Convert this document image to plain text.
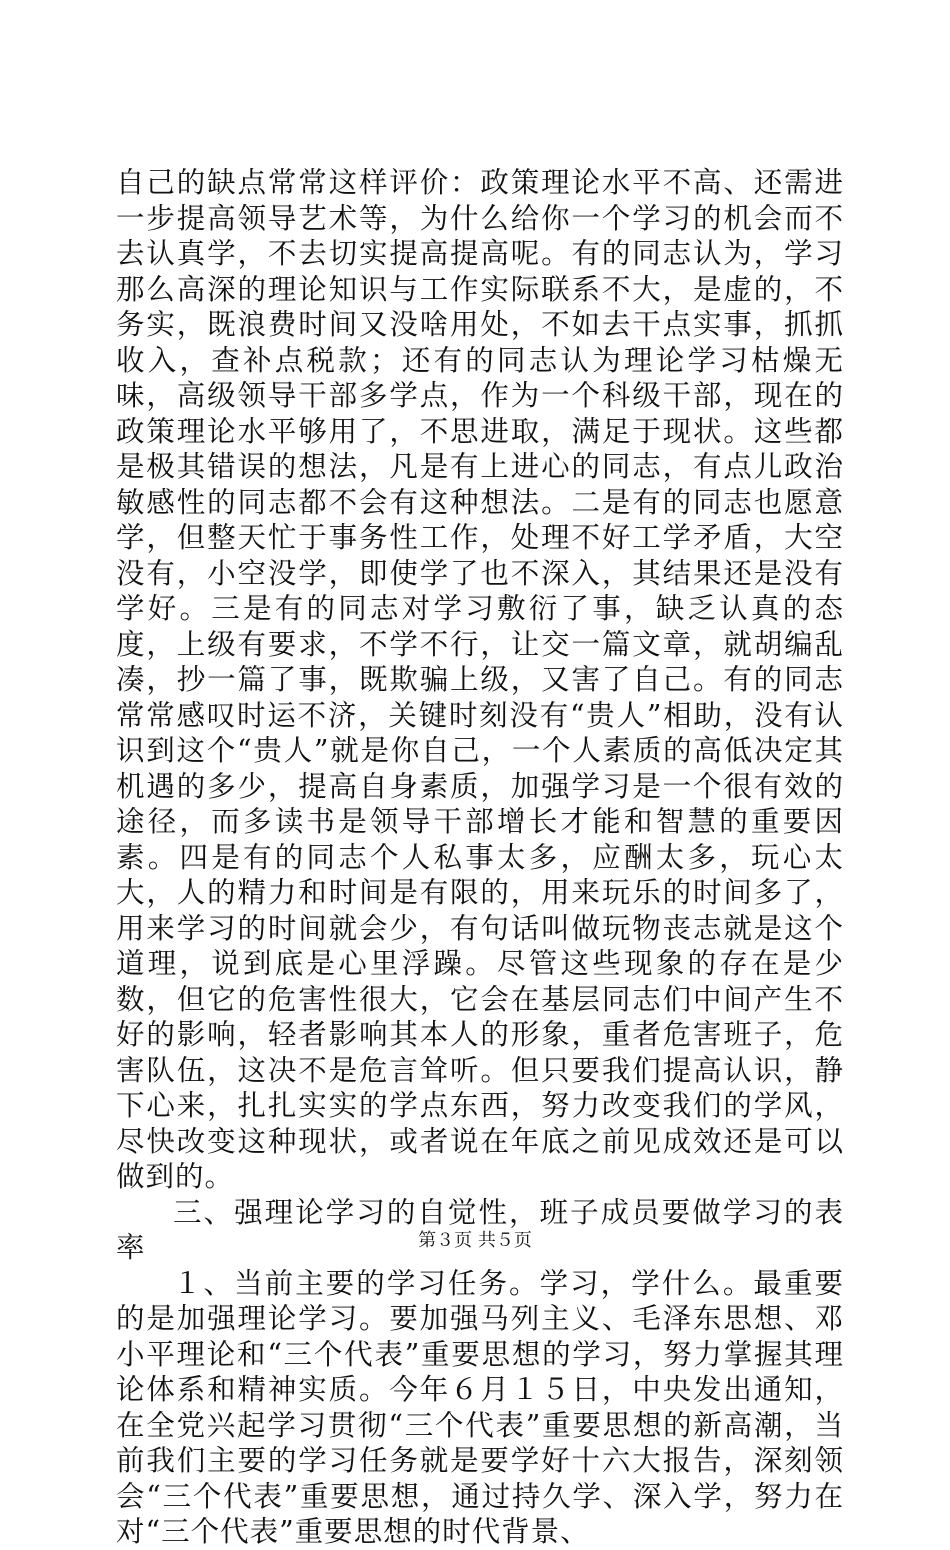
自己的缺点常常这样评价：政策理论水平不高、还需进一步提高领导艺术等，为什么给你一个学习的机会而不去认真学，不去切实提高提高呢。有的同志认为，学习那么高深的理论知识与工作实际联系不大，是虚的，不务实，既浪费时间又没啥用处，不如去干点实事，抓抓收入，查补点税款；还有的同志认为理论学习枯燥无味，高级领导干部多学点，作为一个科级干部，现在的政策理论水平够用了，不思进取，满足于现状。这些都是极其错误的想法，凡是有上进心的同志，有点儿政治敏感性的同志都不会有这种想法。二是有的同志也愿意学，但整天忙于事务性工作，处理不好工学矛盾，大空没有，小空没学，即使学了也不深入，其结果还是没有学好。三是有的同志对学习敷衍了事，缺乏认真的态度，上级有要求，不学不行，让交一篇文章，就胡编乱凑，抄一篇了事，既欺骗上级，又害了自己。有的同志常常感叹时运不济，关键时刻没有“贵人”相助，没有认识到这个“贵人”就是你自己，一个人素质的高低决定其机遇的多少，提高自身素质，加强学习是一个很有效的途径，而多读书是领导干部增长才能和智慧的重要因素。四是有的同志个人私事太多，应酬太多，玩心太大，人的精力和时间是有限的，用来玩乐的时间多了，用来学习的时间就会少，有句话叫做玩物丧志就是这个道理，说到底是心里浮躁。尽管这些现象的存在是少数，但它的危害性很大，它会在基层同志们中间产生不好的影响，轻者影响其本人的形象，重者危害班子，危害队伍，这决不是危言耸听。但只要我们提高认识，静下心来，扎扎实实的学点东西，努力改变我们的学风，尽快改变这种现状，或者说在年底之前见成效还是可以做到的。

三、强理论学习的自觉性，班子成员要做学习的表率

１、当前主要的学习任务。学习，学什么。最重要的是加强理论学习。要加强马列主义、毛泽东思想、邓小平理论和“三个代表”重要思想的学习，努力掌握其理论体系和精神实质。今年６月１５日，中央发出通知，在全党兴起学习贯彻“三个代表”重要思想的新高潮，当前我们主要的学习任务就是要学好十六大报告，深刻领会“三个代表”重要思想，通过持久学、深入学，努力在对“三个代表”重要思想的时代背景、

第３页 共５页
